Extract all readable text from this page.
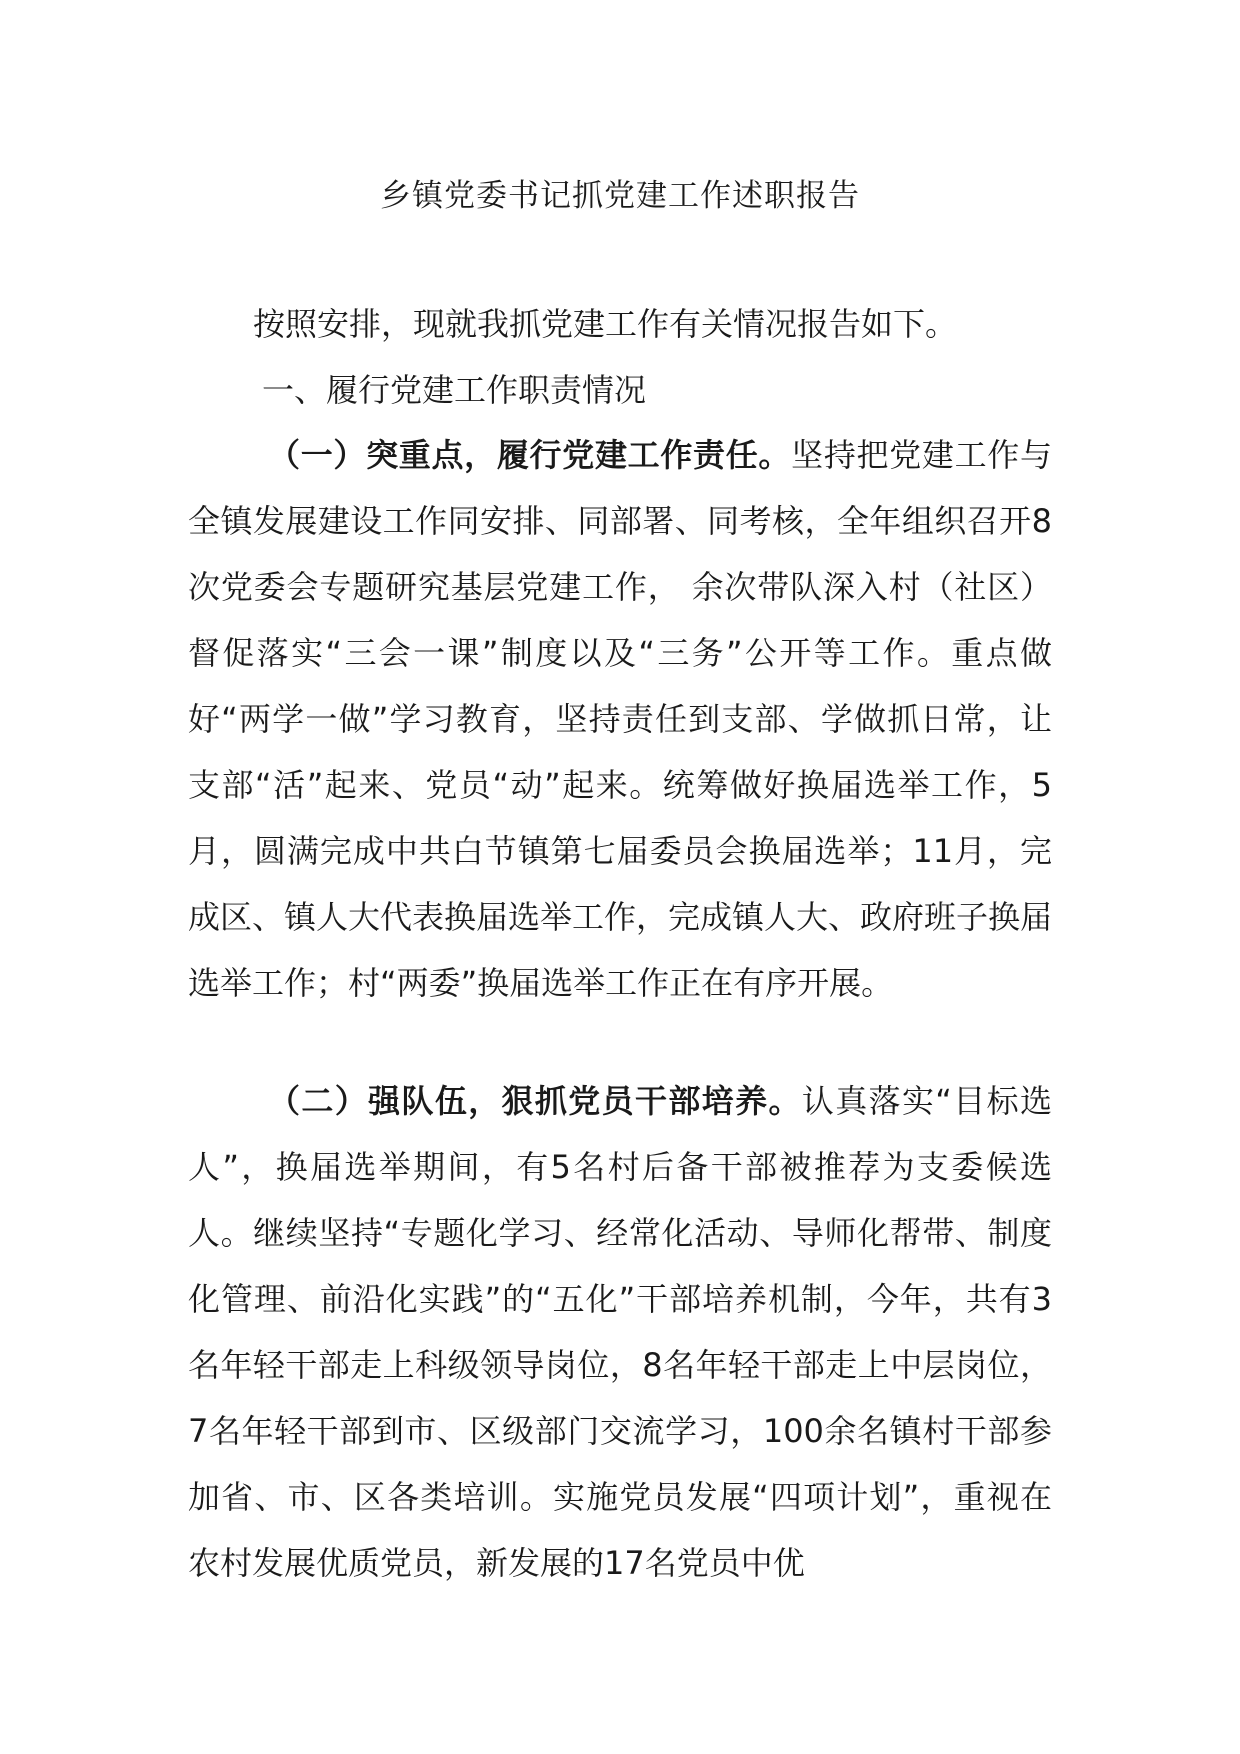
乡镇党委书记抓党建工作述职报告
按照安排，现就我抓党建工作有关情况报告如下。
一、履行党建工作职责情况

（一）突重点，履行党建工作责任。坚持把党建工作与全镇发展建设工作同安排、同部署、同考核，全年组织召开8次党委会专题研究基层党建工作， 余次带队深入村（社区）督促落实“三会一课”制度以及“三务”公开等工作。重点做好“两学一做”学习教育，坚持责任到支部、学做抓日常，让支部“活”起来、党员“动”起来。统筹做好换届选举工作，5月，圆满完成中共白节镇第七届委员会换届选举；11月，完成区、镇人大代表换届选举工作，完成镇人大、政府班子换届选举工作；村“两委”换届选举工作正在有序开展。

（二）强队伍，狠抓党员干部培养。认真落实“目标选人”，换届选举期间，有5名村后备干部被推荐为支委候选人。继续坚持“专题化学习、经常化活动、导师化帮带、制度化管理、前沿化实践”的“五化”干部培养机制，今年，共有3名年轻干部走上科级领导岗位，8名年轻干部走上中层岗位，7名年轻干部到市、区级部门交流学习，100余名镇村干部参加省、市、区各类培训。实施党员发展“四项计划”，重视在农村发展优质党员，新发展的17名党员中优
